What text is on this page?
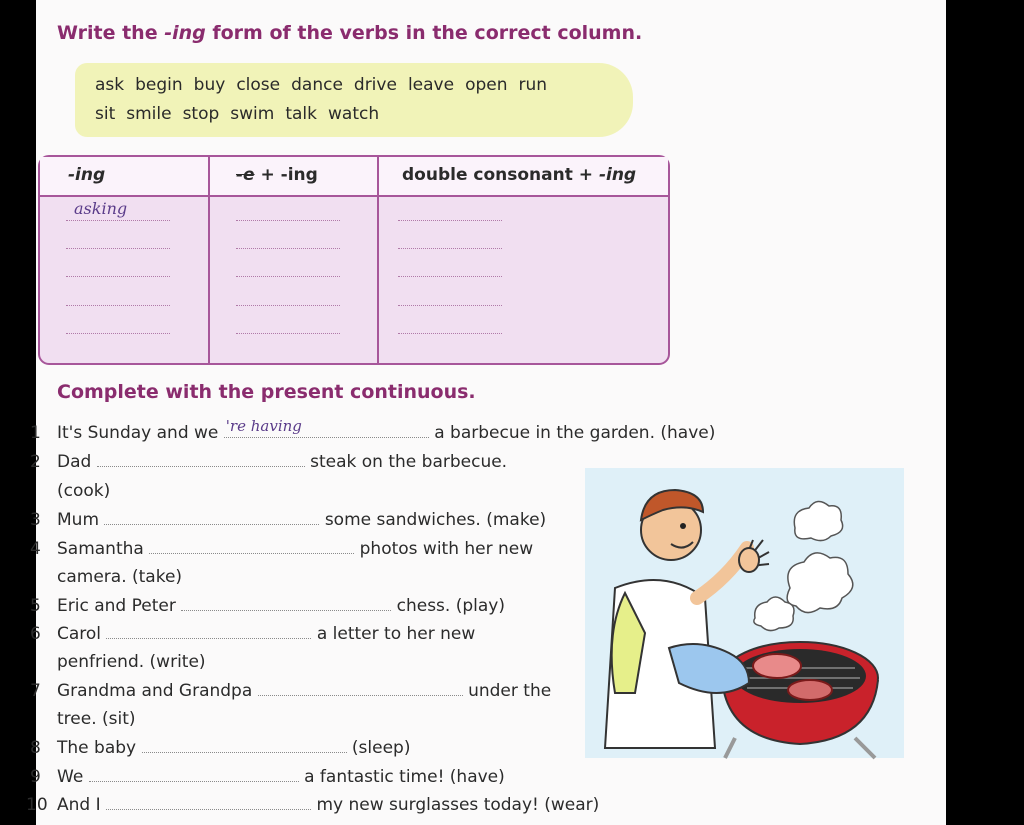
Write the -ing form of the verbs in the correct column.
ask begin buy close dance drive leave open run
sit smile stop swim talk watch
-ing	-e + -ing	double consonant + -ing
asking
Complete with the present continuous.
1 It's Sunday and we 're having	a barbecue in the garden. (have)
2 Dad	steak on the barbecue.
(cook)
3 Mum	some sandwiches. (make)
4 Samantha	photos with her new
camera. (take)
5 Eric and Peter	chess. (play)
6 Carol	a letter to her new
penfriend. (write)
7 Grandma and Grandpa	under the
tree. (sit)
8 The baby	(sleep)
9 We	a fantastic time! (have)
10 And I	my new surglasses today! (wear)
